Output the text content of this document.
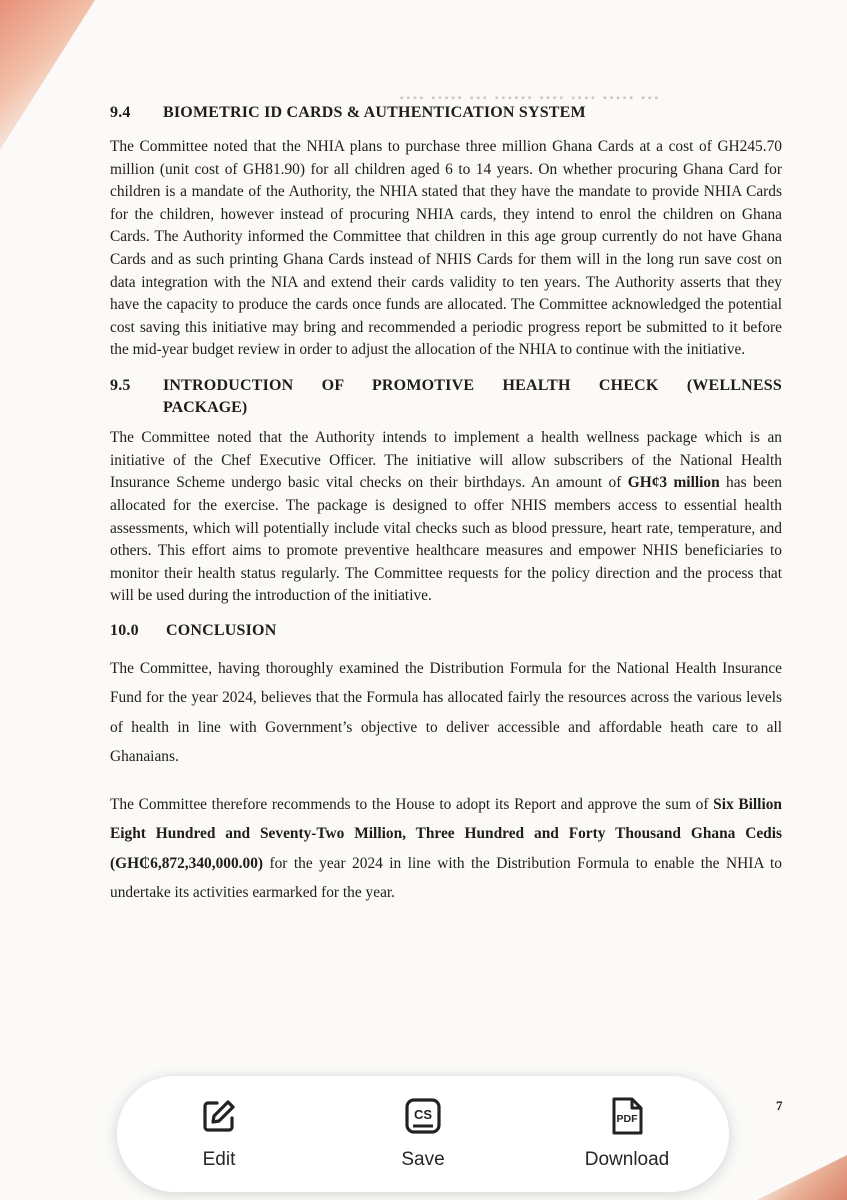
▪▪▪▪ ▪▪▪▪▪ ▪▪▪ ▪▪▪▪▪▪ ▪▪▪▪ ▪▪▪▪ ▪▪▪▪▪ ▪▪▪
9.4	BIOMETRIC ID CARDS & AUTHENTICATION SYSTEM

The Committee noted that the NHIA plans to purchase three million Ghana Cards at a cost of GH245.70 million (unit cost of GH81.90) for all children aged 6 to 14 years. On whether procuring Ghana Card for children is a mandate of the Authority, the NHIA stated that they have the mandate to provide NHIA Cards for the children, however instead of procuring NHIA cards, they intend to enrol the children on Ghana Cards. The Authority informed the Committee that children in this age group currently do not have Ghana Cards and as such printing Ghana Cards instead of NHIS Cards for them will in the long run save cost on data integration with the NIA and extend their cards validity to ten years. The Authority asserts that they have the capacity to produce the cards once funds are allocated. The Committee acknowledged the potential cost saving this initiative may bring and recommended a periodic progress report be submitted to it before the mid-year budget review in order to adjust the allocation of the NHIA to continue with the initiative.

9.5	INTRODUCTION OF PROMOTIVE HEALTH CHECK (WELLNESS
PACKAGE)

The Committee noted that the Authority intends to implement a health wellness package which is an initiative of the Chef Executive Officer. The initiative will allow subscribers of the National Health Insurance Scheme undergo basic vital checks on their birthdays. An amount of GH¢3 million has been allocated for the exercise. The package is designed to offer NHIS members access to essential health assessments, which will potentially include vital checks such as blood pressure, heart rate, temperature, and others. This effort aims to promote preventive healthcare measures and empower NHIS beneficiaries to monitor their health status regularly. The Committee requests for the policy direction and the process that will be used during the introduction of the initiative.

10.0	CONCLUSION

The Committee, having thoroughly examined the Distribution Formula for the National Health Insurance Fund for the year 2024, believes that the Formula has allocated fairly the resources across the various levels of health in line with Government’s objective to deliver accessible and affordable heath care to all Ghanaians.

The Committee therefore recommends to the House to adopt its Report and approve the sum of Six Billion Eight Hundred and Seventy-Two Million, Three Hundred and Forty Thousand Ghana Cedis (GH₵6,872,340,000.00) for the year 2024 in line with the Distribution Formula to enable the NHIA to undertake its activities earmarked for the year.

7
Edit
CS
Save
PDF
Download
